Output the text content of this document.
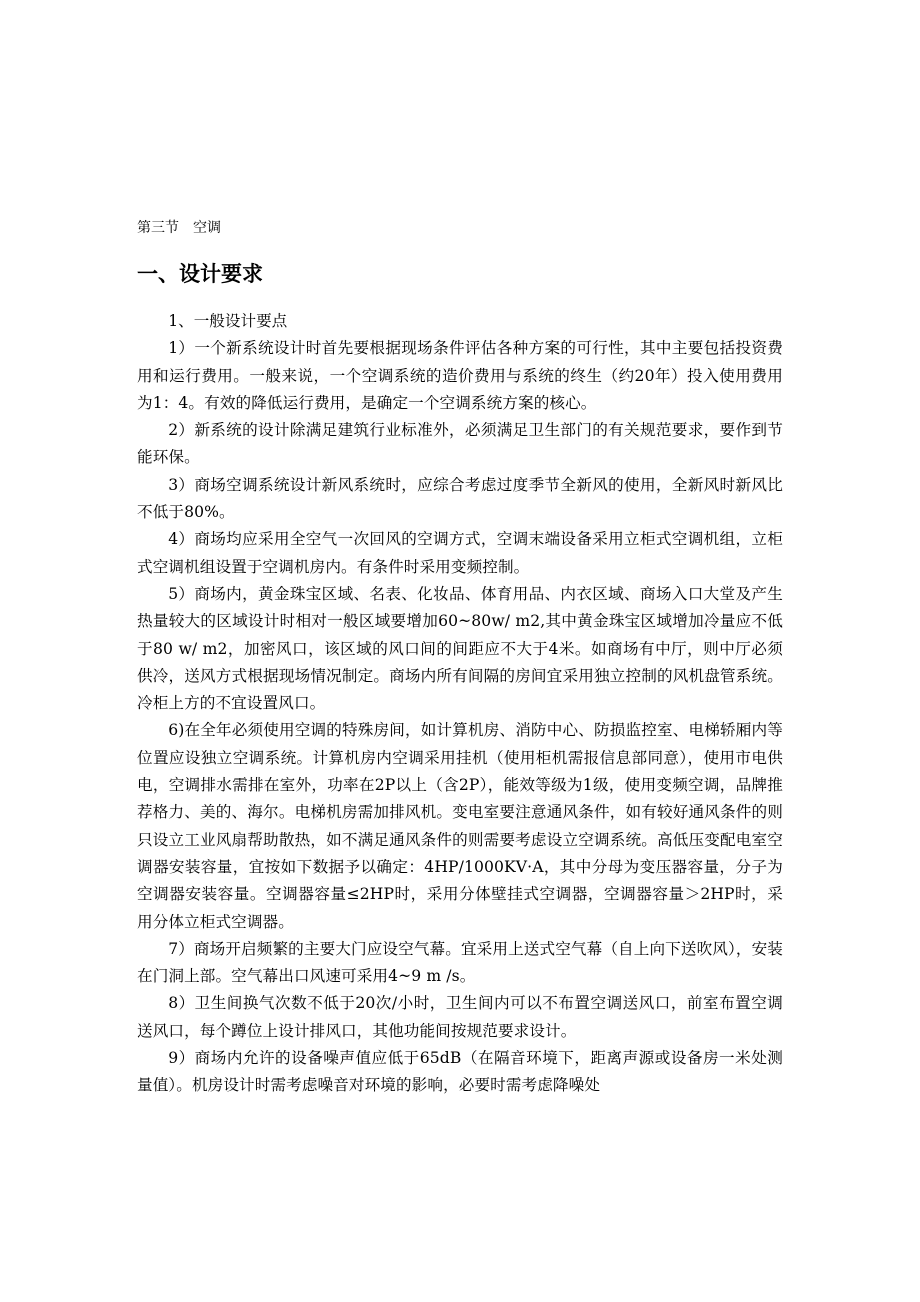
第三节　空调
一、设计要求

1、一般设计要点

1）一个新系统设计时首先要根据现场条件评估各种方案的可行性，其中主要包括投资费用和运行费用。一般来说，一个空调系统的造价费用与系统的终生（约20年）投入使用费用为1：4。有效的降低运行费用，是确定一个空调系统方案的核心。

2）新系统的设计除满足建筑行业标准外，必须满足卫生部门的有关规范要求，要作到节能环保。

3）商场空调系统设计新风系统时，应综合考虑过度季节全新风的使用，全新风时新风比不低于80%。

4）商场均应采用全空气一次回风的空调方式，空调末端设备采用立柜式空调机组，立柜式空调机组设置于空调机房内。有条件时采用变频控制。

5）商场内，黄金珠宝区域、名表、化妆品、体育用品、内衣区域、商场入口大堂及产生热量较大的区域设计时相对一般区域要增加60~80w/ m2,其中黄金珠宝区域增加冷量应不低于80 w/ m2，加密风口，该区域的风口间的间距应不大于4米。如商场有中厅，则中厅必须供冷，送风方式根据现场情况制定。商场内所有间隔的房间宜采用独立控制的风机盘管系统。冷柜上方的不宜设置风口。

6)在全年必须使用空调的特殊房间，如计算机房、消防中心、防损监控室、电梯轿厢内等位置应设独立空调系统。计算机房内空调采用挂机（使用柜机需报信息部同意），使用市电供电，空调排水需排在室外，功率在2P以上（含2P），能效等级为1级，使用变频空调，品牌推荐格力、美的、海尔。电梯机房需加排风机。变电室要注意通风条件，如有较好通风条件的则只设立工业风扇帮助散热，如不满足通风条件的则需要考虑设立空调系统。高低压变配电室空调器安装容量，宜按如下数据予以确定：4HP/1000KV·A，其中分母为变压器容量，分子为空调器安装容量。空调器容量≤2HP时，采用分体壁挂式空调器，空调器容量＞2HP时，采用分体立柜式空调器。

7）商场开启频繁的主要大门应设空气幕。宜采用上送式空气幕（自上向下送吹风），安装在门洞上部。空气幕出口风速可采用4~9 m /s。

8）卫生间换气次数不低于20次/小时，卫生间内可以不布置空调送风口，前室布置空调送风口，每个蹲位上设计排风口，其他功能间按规范要求设计。

9）商场内允许的设备噪声值应低于65dB（在隔音环境下，距离声源或设备房一米处测量值）。机房设计时需考虑噪音对环境的影响，必要时需考虑降噪处
